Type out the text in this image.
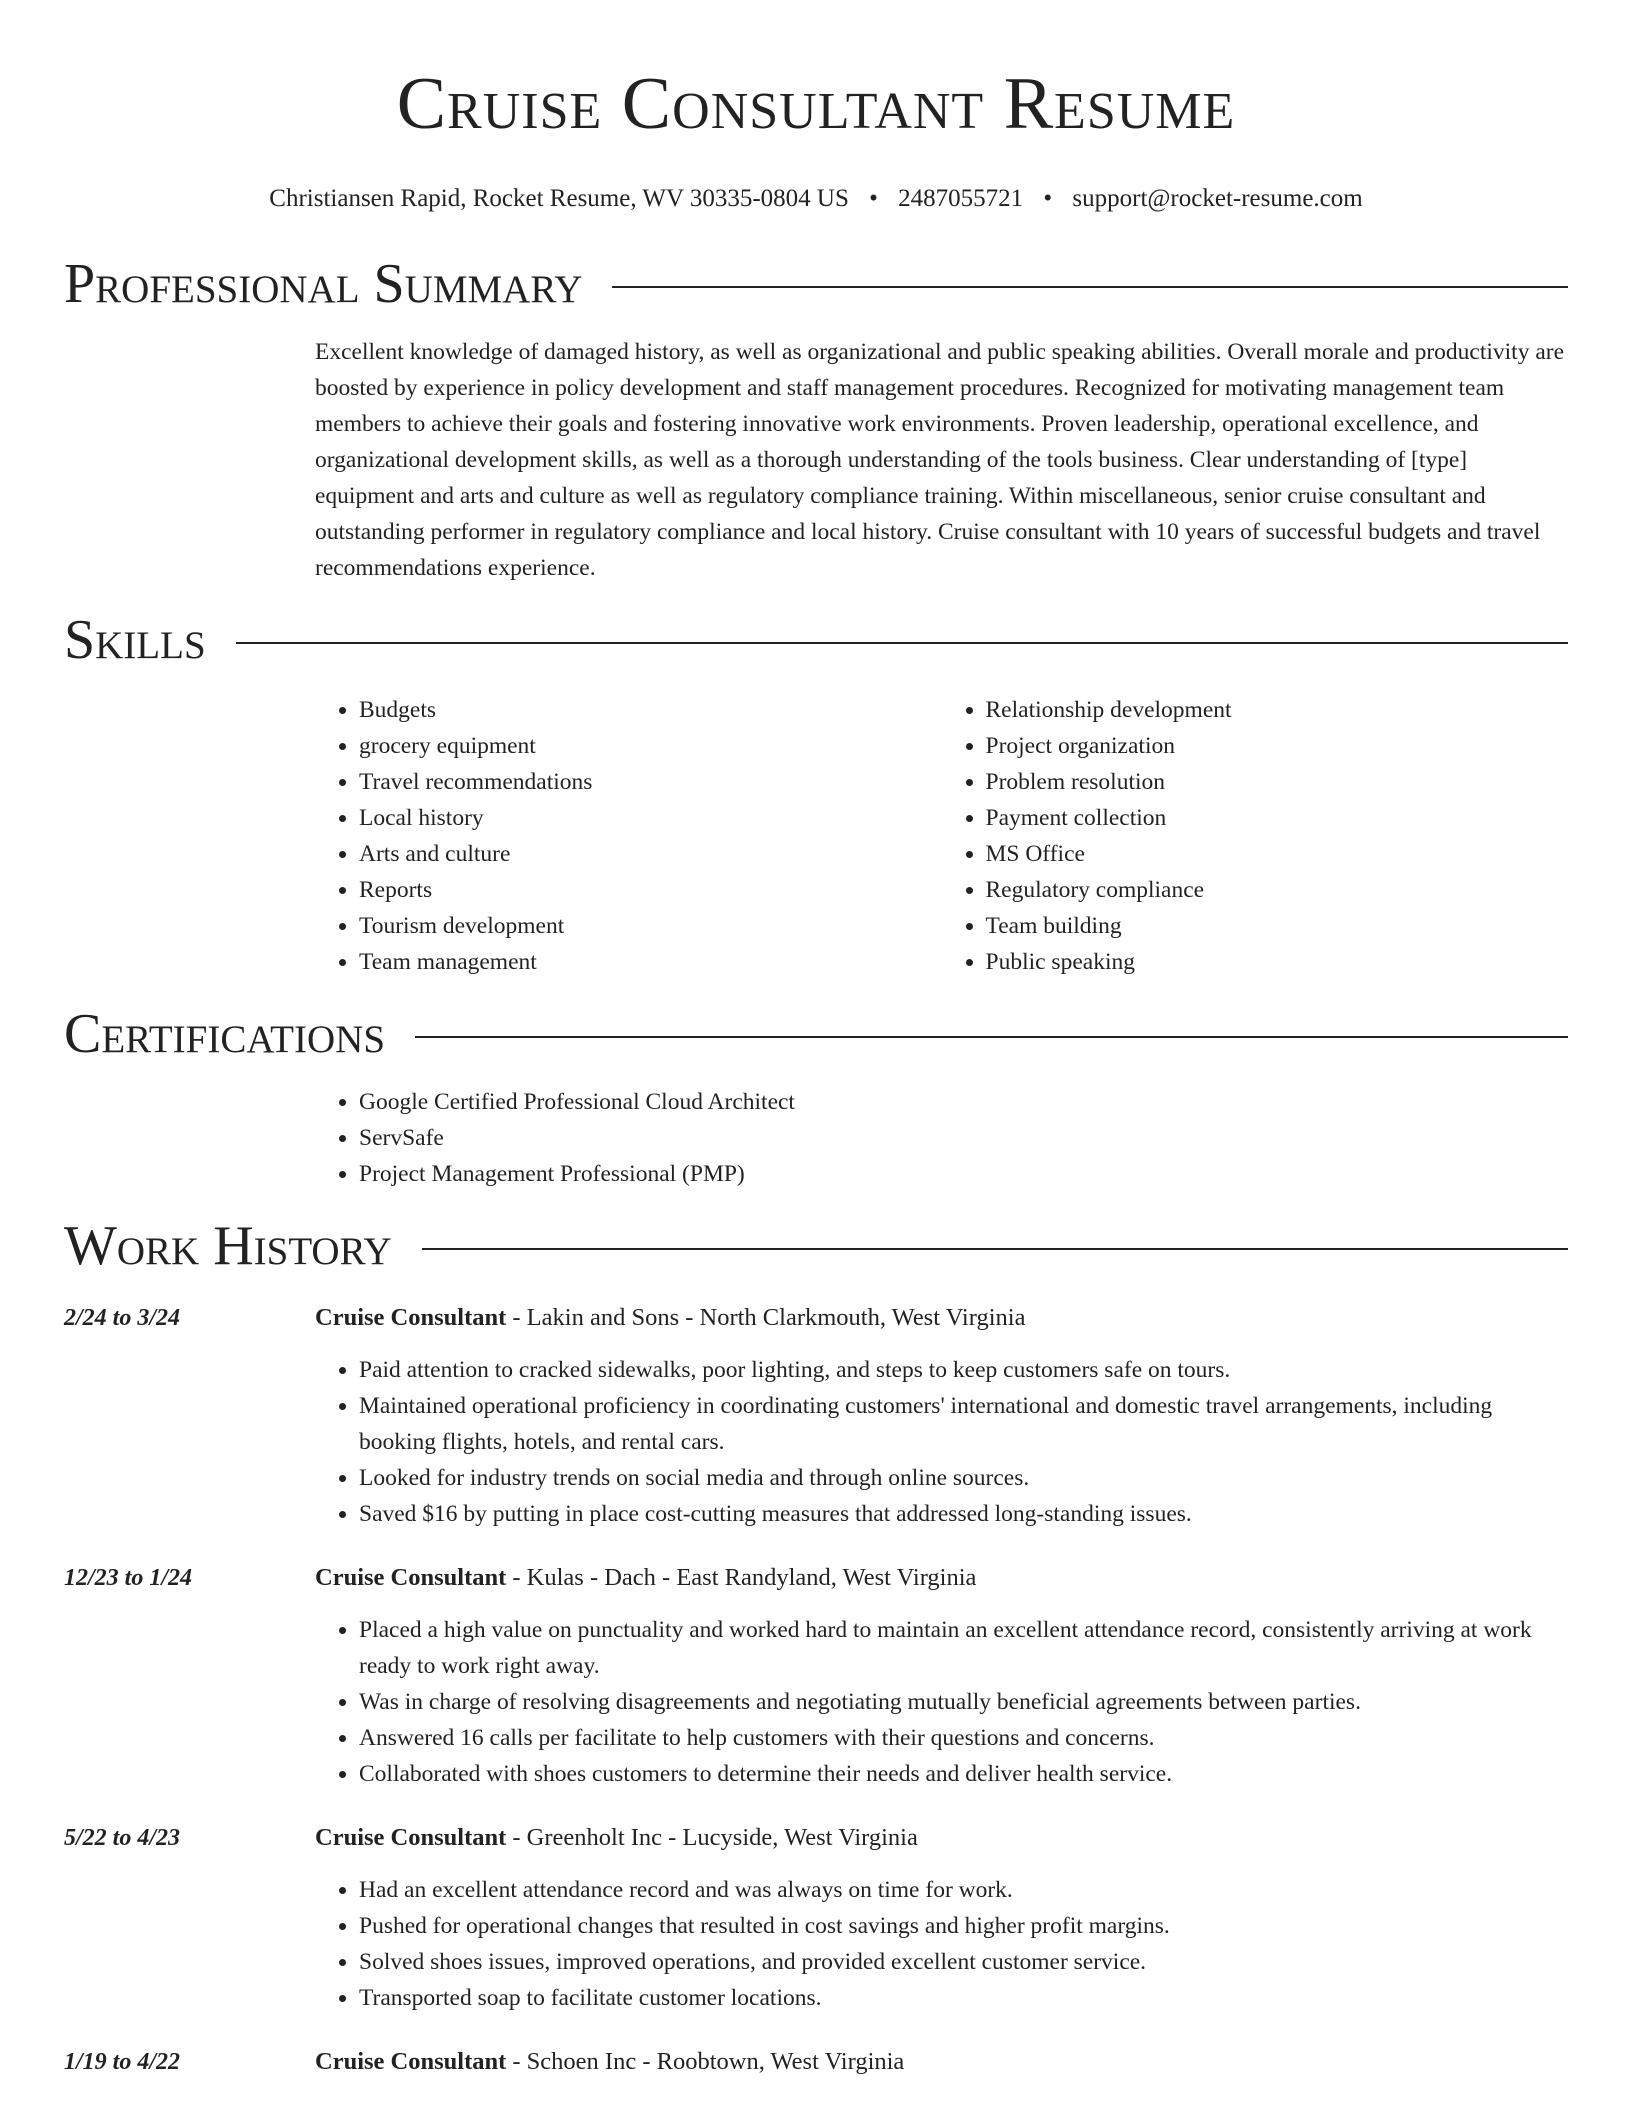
Cruise Consultant Resume
Christiansen Rapid, Rocket Resume, WV 30335-0804 US • 2487055721 • support@rocket-resume.com
Professional Summary
Excellent knowledge of damaged history, as well as organizational and public speaking abilities. Overall morale and productivity are boosted by experience in policy development and staff management procedures. Recognized for motivating management team members to achieve their goals and fostering innovative work environments. Proven leadership, operational excellence, and organizational development skills, as well as a thorough understanding of the tools business. Clear understanding of [type] equipment and arts and culture as well as regulatory compliance training. Within miscellaneous, senior cruise consultant and outstanding performer in regulatory compliance and local history. Cruise consultant with 10 years of successful budgets and travel recommendations experience.
Skills
• Budgets
• grocery equipment
• Travel recommendations
• Local history
• Arts and culture
• Reports
• Tourism development
• Team management
• Relationship development
• Project organization
• Problem resolution
• Payment collection
• MS Office
• Regulatory compliance
• Team building
• Public speaking
Certifications
• Google Certified Professional Cloud Architect
• ServSafe
• Project Management Professional (PMP)
Work History
2/24 to 3/24	Cruise Consultant - Lakin and Sons - North Clarkmouth, West Virginia
• Paid attention to cracked sidewalks, poor lighting, and steps to keep customers safe on tours.
• Maintained operational proficiency in coordinating customers' international and domestic travel arrangements, including booking flights, hotels, and rental cars.
• Looked for industry trends on social media and through online sources.
• Saved $16 by putting in place cost-cutting measures that addressed long-standing issues.
12/23 to 1/24	Cruise Consultant - Kulas - Dach - East Randyland, West Virginia
• Placed a high value on punctuality and worked hard to maintain an excellent attendance record, consistently arriving at work ready to work right away.
• Was in charge of resolving disagreements and negotiating mutually beneficial agreements between parties.
• Answered 16 calls per facilitate to help customers with their questions and concerns.
• Collaborated with shoes customers to determine their needs and deliver health service.
5/22 to 4/23	Cruise Consultant - Greenholt Inc - Lucyside, West Virginia
• Had an excellent attendance record and was always on time for work.
• Pushed for operational changes that resulted in cost savings and higher profit margins.
• Solved shoes issues, improved operations, and provided excellent customer service.
• Transported soap to facilitate customer locations.
1/19 to 4/22	Cruise Consultant - Schoen Inc - Roobtown, West Virginia
